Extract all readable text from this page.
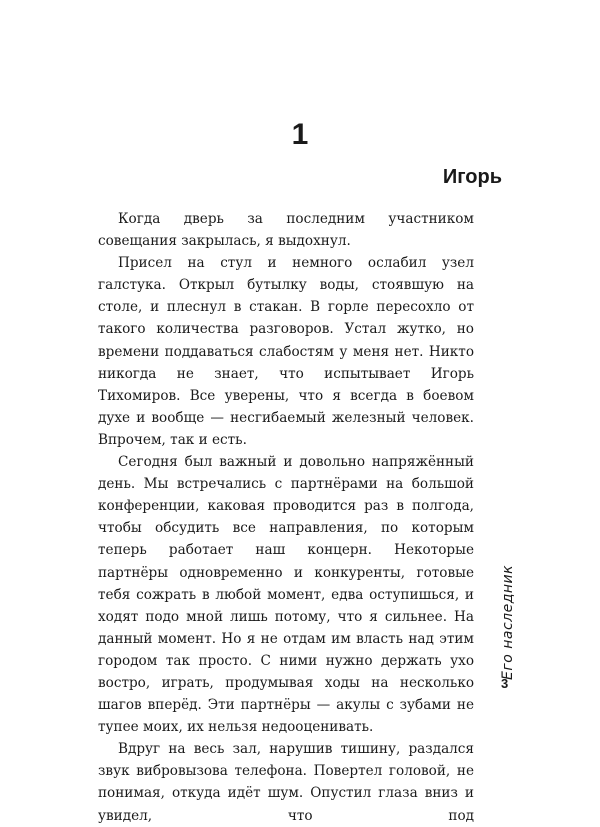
1
Игорь

Когда дверь за последним участником совещания закрылась, я выдохнул.

Присел на стул и немного ослабил узел галстука. Открыл бутылку воды, стоявшую на столе, и плеснул в стакан. В горле пересохло от такого количества разговоров. Устал жутко, но времени поддаваться слабостям у меня нет. Никто никогда не знает, что испытывает Игорь Тихомиров. Все уверены, что я всегда в боевом духе и вообще — несгибаемый железный человек. Впрочем, так и есть.

Сегодня был важный и довольно напряжённый день. Мы встречались с партнёрами на большой конференции, каковая проводится раз в полгода, чтобы обсудить все направления, по которым теперь работает наш концерн. Некоторые партнёры одновременно и конкуренты, готовые тебя сожрать в любой момент, едва оступишься, и ходят подо мной лишь потому, что я сильнее. На данный момент. Но я не отдам им власть над этим городом так просто. С ними нужно держать ухо востро, играть, продумывая ходы на несколько шагов вперёд. Эти партнёры — акулы с зубами не тупее моих, их нельзя недооценивать.

Вдруг на весь зал, нарушив тишину, раздался звук вибровызова телефона. Повертел головой, не понимая, откуда идёт шум. Опустил глаза вниз и увидел, что под

Его наследник
3
